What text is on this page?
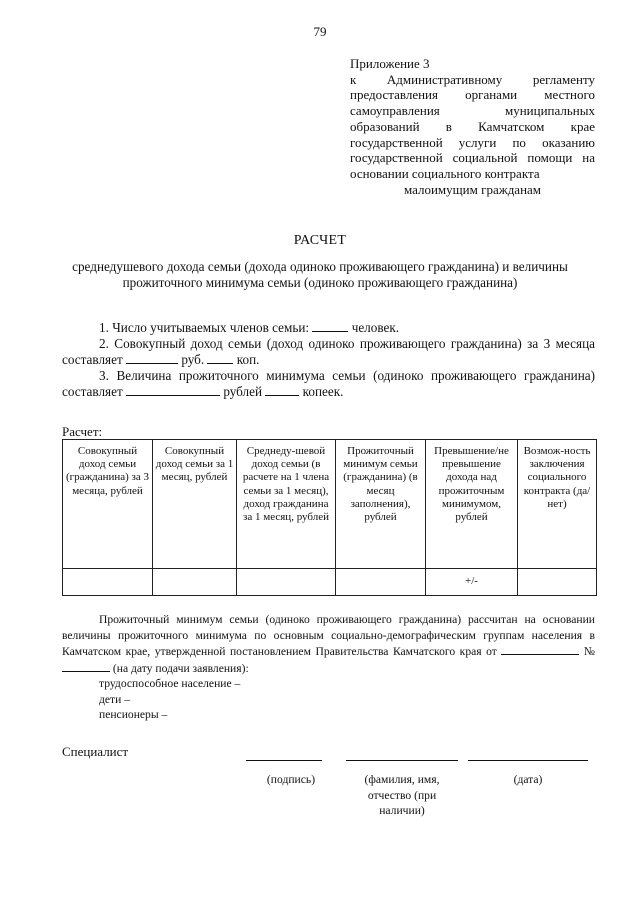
79
Приложение 3
к Административному регламенту предоставления органами местного самоуправления муниципальных образований в Камчатском крае государственной услуги по оказанию государственной социальной помощи на основании социального контракта
малоимущим гражданам
РАСЧЕТ
среднедушевого дохода семьи (дохода одиноко проживающего гражданина) и величины прожиточного минимума семьи (одиноко проживающего гражданина)

1. Число учитываемых членов семьи:	человек.

2. Совокупный доход семьи (доход одиноко проживающего гражданина) за 3 месяца составляет	руб.  коп.

3. Величина прожиточного минимума семьи (одиноко проживающего гражданина) составляет	рублей	копеек.

Расчет:
Совокупный доход семьи (гражданина) за 3 месяца, рублей	Совокупный доход семьи за 1 месяц, рублей	Среднеду-шевой доход семьи (в расчете на 1 члена семьи за 1 месяц), доход гражданина за 1 месяц, рублей	Прожиточный минимум семьи (гражданина) (в месяц заполнения), рублей	Превышение/не превышение дохода над прожиточным минимумом, рублей	Возмож-ность заключения социального контракта (да/нет)
				+/-	

Прожиточный минимум семьи (одиноко проживающего гражданина) рассчитан на основании величины прожиточного минимума по основным социально-демографическим группам населения в Камчатском крае, утвержденной постановлением Правительства Камчатского края от	№  (на дату подачи заявления):

трудоспособное население –

дети –

пенсионеры –

Специалист
(подпись)	(фамилия, имя, отчество (при наличии)
(дата)
